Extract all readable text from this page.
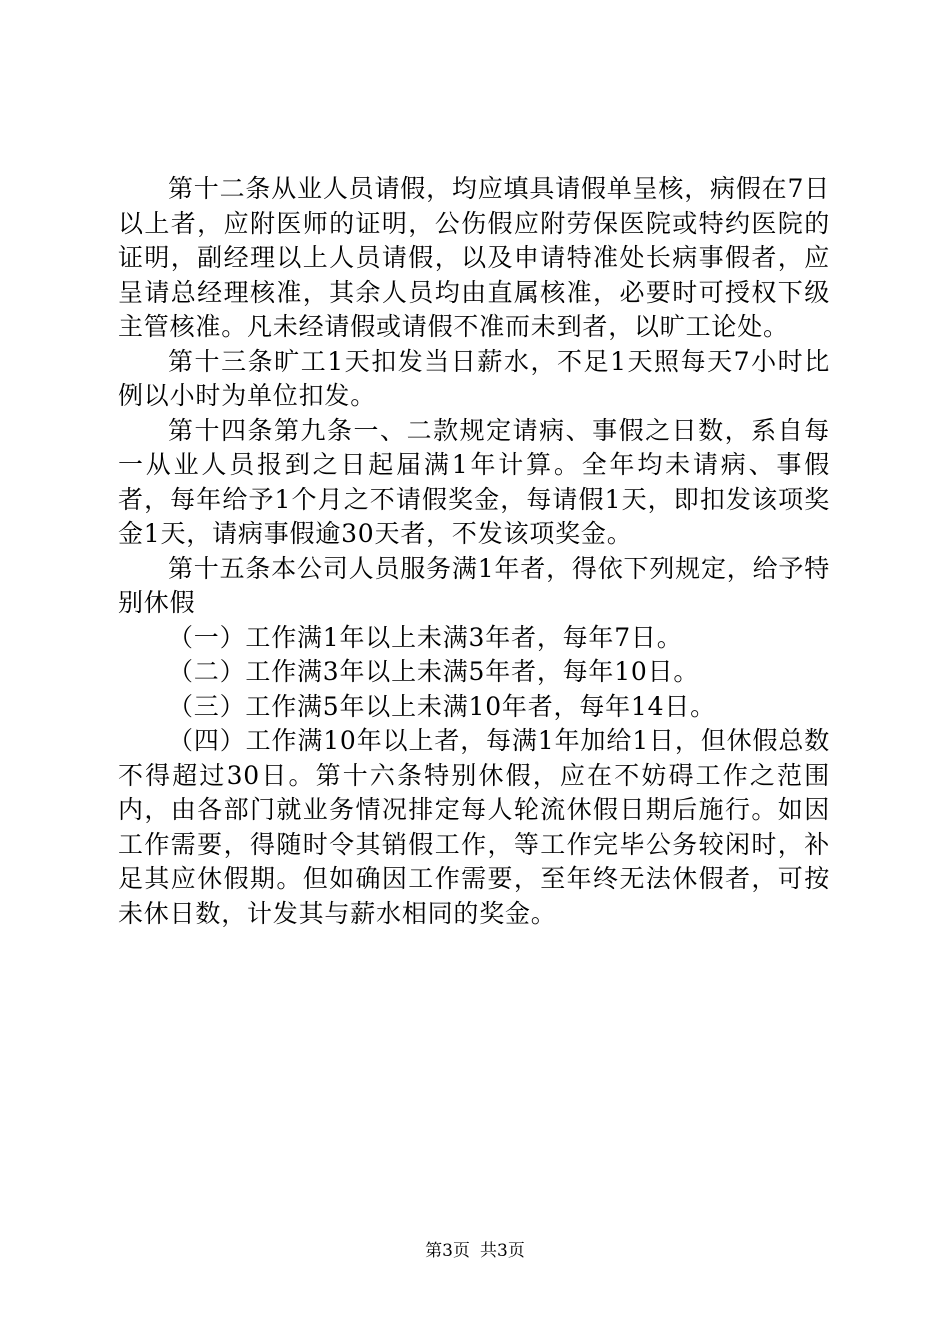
第十二条从业人员请假，均应填具请假单呈核，病假在7日以上者，应附医师的证明，公伤假应附劳保医院或特约医院的证明，副经理以上人员请假，以及申请特准处长病事假者，应呈请总经理核准，其余人员均由直属核准，必要时可授权下级主管核准。凡未经请假或请假不准而未到者，以旷工论处。

第十三条旷工1天扣发当日薪水，不足1天照每天7小时比例以小时为单位扣发。

第十四条第九条一、二款规定请病、事假之日数，系自每一从业人员报到之日起届满1年计算。全年均未请病、事假者，每年给予1个月之不请假奖金，每请假1天，即扣发该项奖金1天，请病事假逾30天者，不发该项奖金。

第十五条本公司人员服务满1年者，得依下列规定，给予特别休假

（一）工作满1年以上未满3年者，每年7日。

（二）工作满3年以上未满5年者，每年10日。

（三）工作满5年以上未满10年者，每年14日。

（四）工作满10年以上者，每满1年加给1日，但休假总数不得超过30日。第十六条特别休假，应在不妨碍工作之范围内，由各部门就业务情况排定每人轮流休假日期后施行。如因工作需要，得随时令其销假工作，等工作完毕公务较闲时，补足其应休假期。但如确因工作需要，至年终无法休假者，可按未休日数，计发其与薪水相同的奖金。

第3页 共3页
